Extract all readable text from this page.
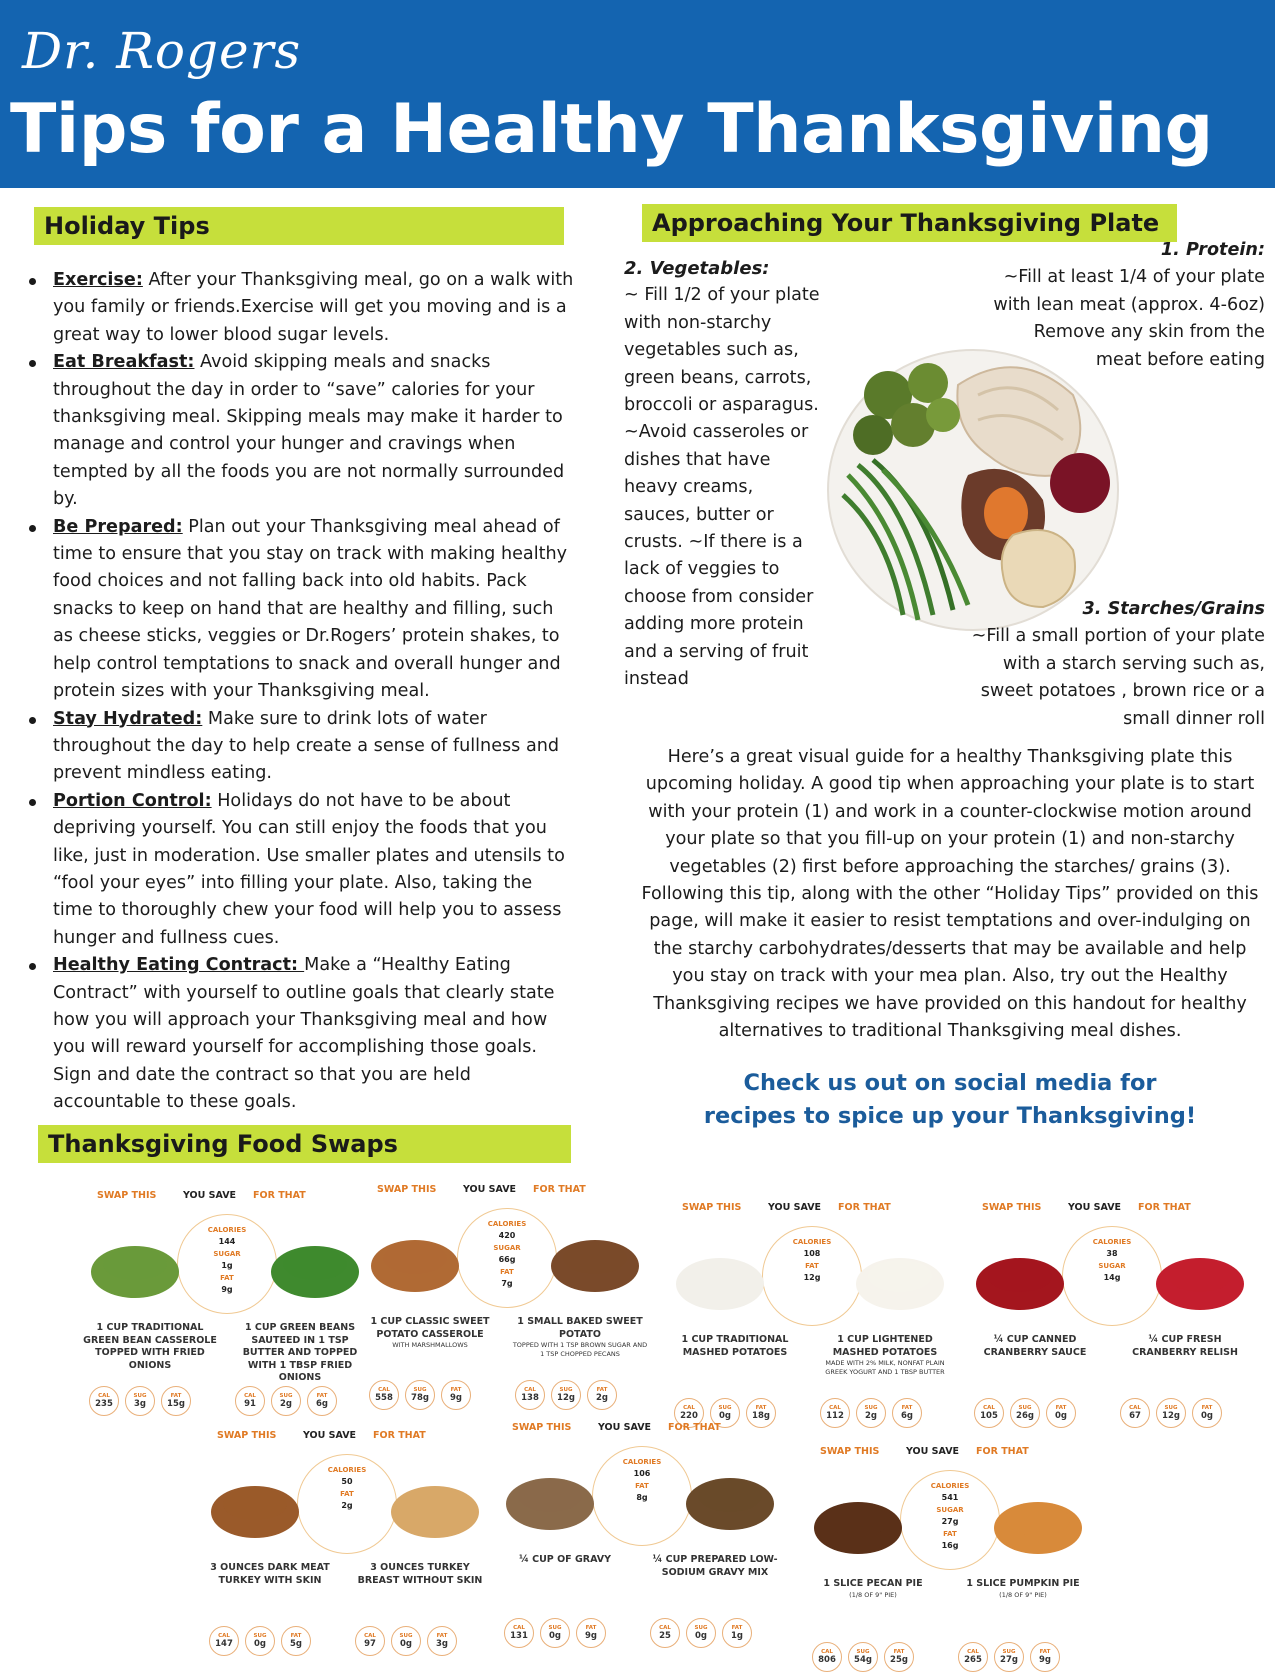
Dr. Rogers
Tips for a Healthy Thanksgiving
Holiday Tips
Exercise: After your Thanksgiving meal, go on a walk with you family or friends.Exercise will get you moving and is a great way to lower blood sugar levels.
Eat Breakfast: Avoid skipping meals and snacks throughout the day in order to “save” calories for your thanksgiving meal. Skipping meals may make it harder to manage and control your hunger and cravings when tempted by all the foods you are not normally surrounded by.
Be Prepared: Plan out your Thanksgiving meal ahead of time to ensure that you stay on track with making healthy food choices and not falling back into old habits. Pack snacks to keep on hand that are healthy and filling, such as cheese sticks, veggies or Dr.Rogers’ protein shakes, to help control temptations to snack and overall hunger and protein sizes with your Thanksgiving meal.
Stay Hydrated: Make sure to drink lots of water throughout the day to help create a sense of fullness and prevent mindless eating.
Portion Control: Holidays do not have to be about depriving yourself. You can still enjoy the foods that you like, just in moderation. Use smaller plates and utensils to “fool your eyes” into filling your plate. Also, taking the time to thoroughly chew your food will help you to assess hunger and fullness cues.
Healthy Eating Contract: Make a “Healthy Eating Contract” with yourself to outline goals that clearly state how you will approach your Thanksgiving meal and how you will reward yourself for accomplishing those goals. Sign and date the contract so that you are held accountable to these goals.
Approaching Your Thanksgiving Plate
2. Vegetables:
~ Fill 1/2 of your plate with non-starchy vegetables such as, green beans, carrots, broccoli or asparagus. ~Avoid casseroles or dishes that have heavy creams, sauces, butter or crusts. ~If there is a lack of veggies to choose from consider adding more protein and a serving of fruit instead
1. Protein:
~Fill at least 1/4 of your plate with lean meat (approx. 4-6oz) Remove any skin from the meat before eating
3. Starches/Grains
~Fill a small portion of your plate with a starch serving such as, sweet potatoes , brown rice or a small dinner roll
Here’s a great visual guide for a healthy Thanksgiving plate this upcoming holiday. A good tip when approaching your plate is to start with your protein (1) and work in a counter-clockwise motion around your plate so that you fill-up on your protein (1) and non-starchy vegetables (2) first before approaching the starches/ grains (3). Following this tip, along with the other “Holiday Tips” provided on this page, will make it easier to resist temptations and over-indulging on the starchy carbohydrates/desserts that may be available and help you stay on track with your mea plan. Also, try out the Healthy Thanksgiving recipes we have provided on this handout for healthy alternatives to traditional Thanksgiving meal dishes.
Check us out on social media for
recipes to spice up your Thanksgiving!
Thanksgiving Food Swaps
SWAP THIS	YOU SAVE FOR THAT
CALORIES
144
SUGAR
1g
FAT
9g
1 CUP TRADITIONAL GREEN BEAN CASSEROLE TOPPED WITH FRIED ONIONS
1 CUP GREEN BEANS SAUTEED IN 1 TSP BUTTER AND TOPPED WITH 1 TBSP FRIED ONIONS
CAL
235
SUG
3g
FAT
15g
CAL
91
SUG
2g
FAT
6g
SWAP THIS	YOU SAVE FOR THAT
CALORIES
420
SUGAR
66g
FAT
7g
1 CUP CLASSIC SWEET POTATO CASSEROLE
WITH MARSHMALLOWS
1 SMALL BAKED SWEET POTATO
TOPPED WITH 1 TSP BROWN SUGAR AND 1 TSP CHOPPED PECANS
CAL
558
SUG
78g
FAT
9g
CAL
138
SUG
12g
FAT
2g
SWAP THIS	YOU SAVE FOR THAT
CALORIES
108
FAT
12g
1 CUP TRADITIONAL MASHED POTATOES
1 CUP LIGHTENED MASHED POTATOES
MADE WITH 2% MILK, NONFAT PLAIN GREEK YOGURT AND 1 TBSP BUTTER
CAL
220
SUG
0g
FAT
18g
CAL
112
SUG
2g
FAT
6g
SWAP THIS	YOU SAVE FOR THAT
CALORIES
38
SUGAR
14g
¼ CUP CANNED CRANBERRY SAUCE
¼ CUP FRESH CRANBERRY RELISH
CAL
105
SUG
26g
FAT
0g
CAL
67
SUG
12g
FAT
0g
SWAP THIS	YOU SAVE FOR THAT
CALORIES
50
FAT
2g
3 OUNCES DARK MEAT TURKEY WITH SKIN
3 OUNCES TURKEY BREAST WITHOUT SKIN
CAL
147
SUG
0g
FAT
5g
CAL
97
SUG
0g
FAT
3g
SWAP THIS	YOU SAVE FOR THAT
CALORIES
106
FAT
8g
¼ CUP OF GRAVY	¼ CUP PREPARED LOW-SODIUM GRAVY MIX
CAL
131
SUG
0g
FAT
9g
CAL
25
SUG
0g
FAT
1g
SWAP THIS	YOU SAVE FOR THAT
CALORIES
541
SUGAR
27g
FAT
16g
1 SLICE PECAN PIE
(1/8 OF 9" PIE)
1 SLICE PUMPKIN PIE
(1/8 OF 9" PIE)
CAL
806
SUG
54g
FAT
25g
CAL
265
SUG
27g
FAT
9g
